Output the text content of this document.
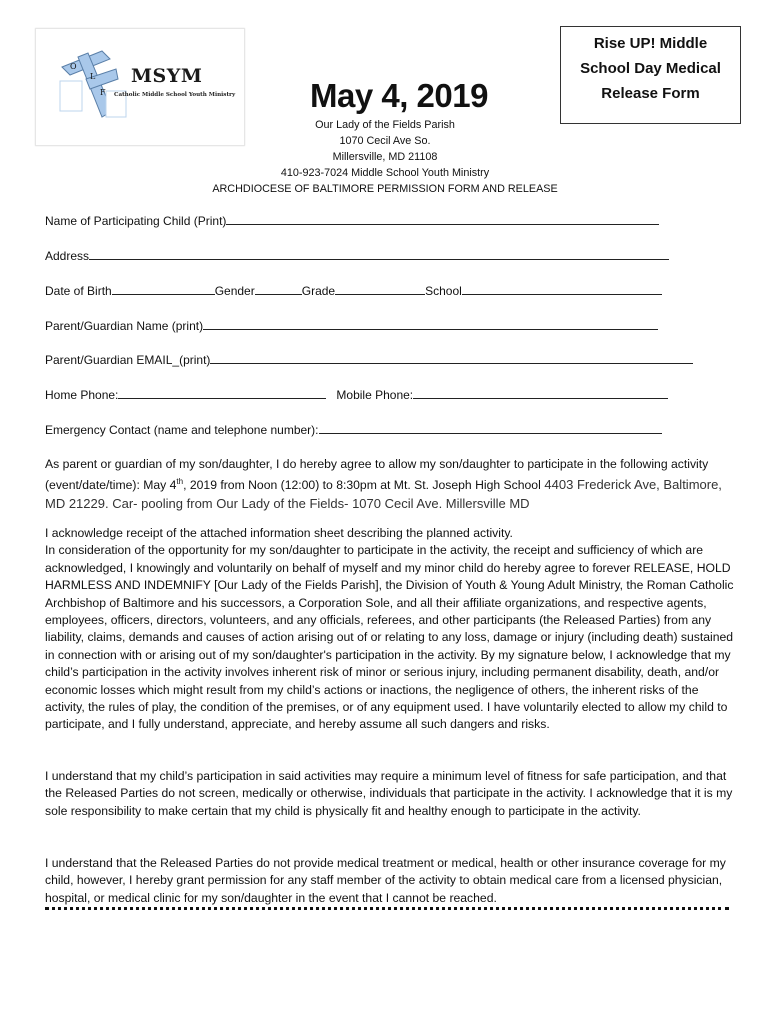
O
L
F
MSYM
Catholic Middle School Youth Ministry
Rise UP! Middle
School Day Medical
Release Form
May 4, 2019
Our Lady of the Fields Parish
1070 Cecil Ave So.
Millersville, MD 21108
410-923-7024 Middle School Youth Ministry
ARCHDIOCESE OF BALTIMORE PERMISSION FORM AND RELEASE
Name of Participating Child (Print)
Address
Date of Birth	Gender	Grade	School
Parent/Guardian Name (print)
Parent/Guardian EMAIL_(print)
Home Phone:	Mobile Phone:
Emergency Contact (name and telephone number):

As parent or guardian of my son/daughter, I do hereby agree to allow my son/daughter to participate in the following activity (event/date/time): May 4th, 2019 from Noon (12:00) to 8:30pm at Mt. St. Joseph High School 4403 Frederick Ave, Baltimore, MD 21229. Car- pooling from Our Lady of the Fields- 1070 Cecil Ave. Millersville MD

I acknowledge receipt of the attached information sheet describing the planned activity.

In consideration of the opportunity for my son/daughter to participate in the activity, the receipt and sufficiency of which are acknowledged, I knowingly and voluntarily on behalf of myself and my minor child do hereby agree to forever RELEASE, HOLD HARMLESS AND INDEMNIFY [Our Lady of the Fields Parish], the Division of Youth & Young Adult Ministry, the Roman Catholic Archbishop of Baltimore and his successors, a Corporation Sole, and all their affiliate organizations, and respective agents, employees, officers, directors, volunteers, and any officials, referees, and other participants (the Released Parties) from any liability, claims, demands and causes of action arising out of or relating to any loss, damage or injury (including death) sustained in connection with or arising out of my son/daughter's participation in the activity. By my signature below, I acknowledge that my child’s participation in the activity involves inherent risk of minor or serious injury, including permanent disability, death, and/or economic losses which might result from my child’s actions or inactions, the negligence of others, the inherent risks of the activity, the rules of play, the condition of the premises, or of any equipment used. I have voluntarily elected to allow my child to participate, and I fully understand, appreciate, and hereby assume all such dangers and risks.

I understand that my child’s participation in said activities may require a minimum level of fitness for safe participation, and that the Released Parties do not screen, medically or otherwise, individuals that participate in the activity. I acknowledge that it is my sole responsibility to make certain that my child is physically fit and healthy enough to participate in the activity.
I understand that the Released Parties do not provide medical treatment or medical, health or other insurance coverage for my child, however, I hereby grant permission for any staff member of the activity to obtain medical care from a licensed physician, hospital, or medical clinic for my son/daughter in the event that I cannot be reached.
